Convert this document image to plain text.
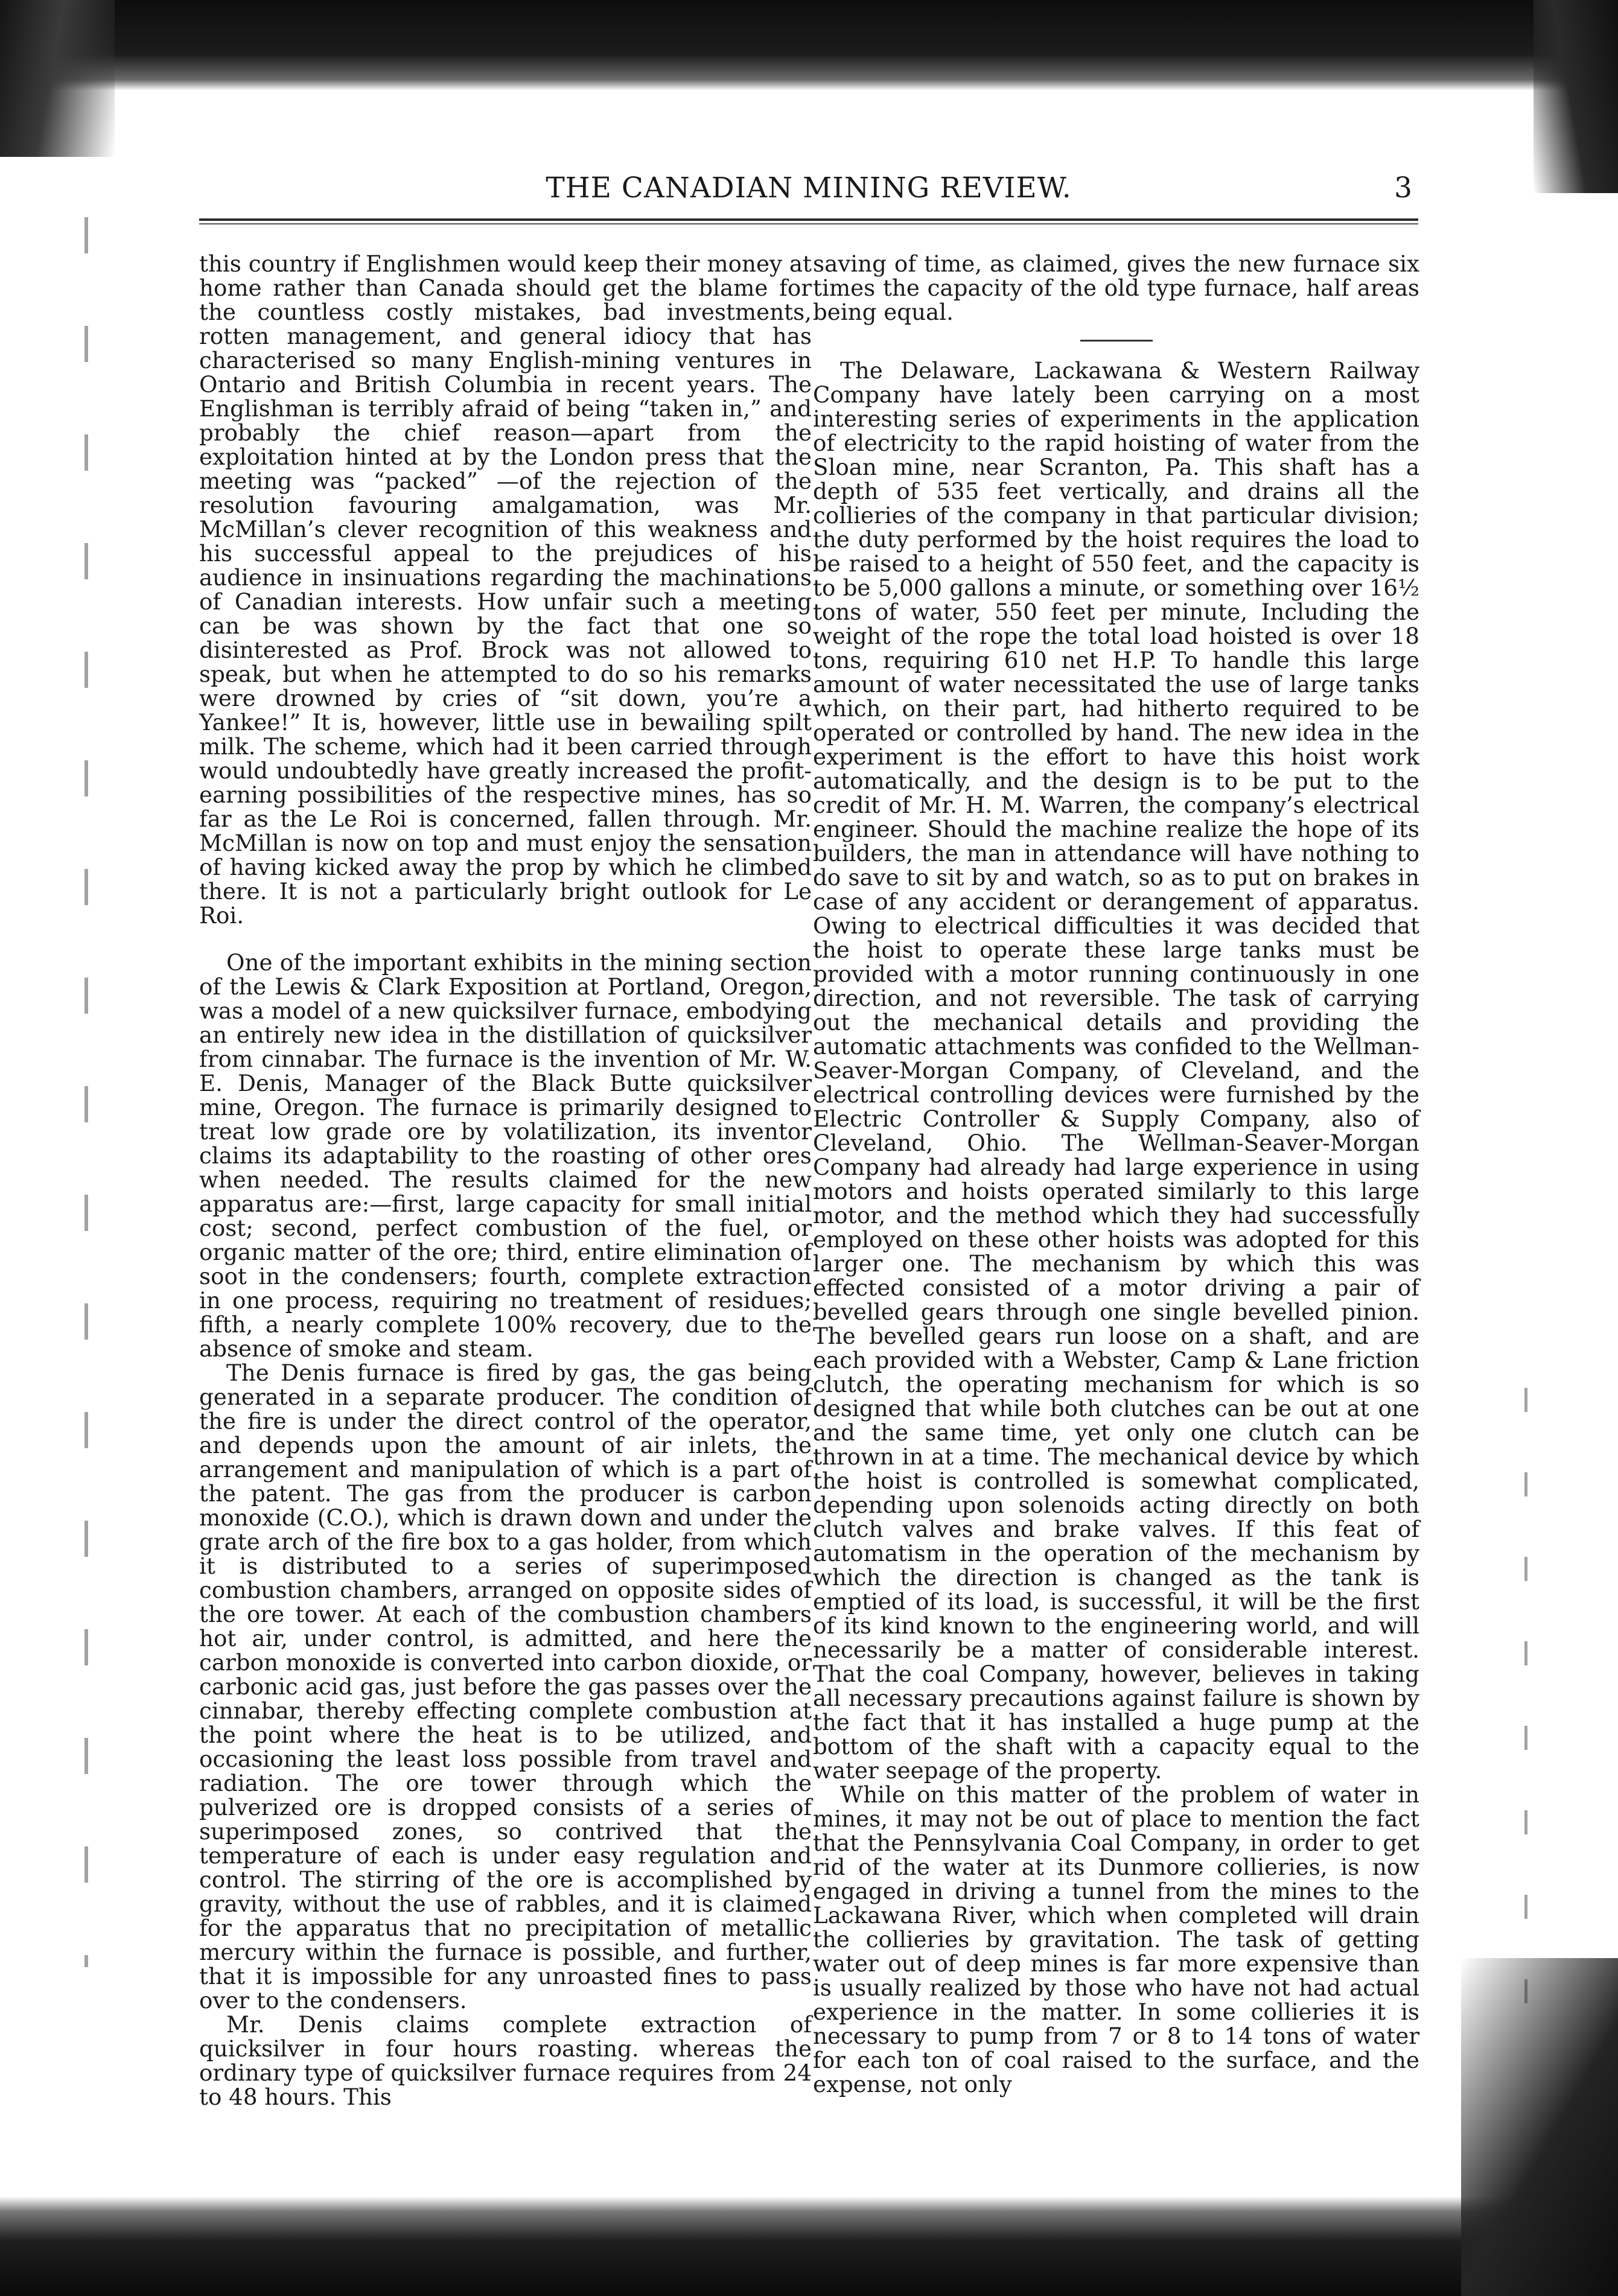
THE CANADIAN MINING REVIEW.	3

this country if Englishmen would keep their money at home rather than Canada should get the blame for the countless costly mistakes, bad investments, rotten management, and general idiocy that has characterised so many English-mining ventures in Ontario and British Columbia in recent years. The Englishman is terribly afraid of being “taken in,” and probably the chief reason—apart from the exploitation hinted at by the London press that the meeting was “packed” —of the rejection of the resolution favouring amalgamation, was Mr. McMillan’s clever recognition of this weakness and his successful appeal to the prejudices of his audience in insinuations regarding the machinations of Canadian interests. How unfair such a meeting can be was shown by the fact that one so disinterested as Prof. Brock was not allowed to speak, but when he attempted to do so his remarks were drowned by cries of “sit down, you’re a Yankee!” It is, however, little use in bewailing spilt milk. The scheme, which had it been carried through would undoubtedly have greatly increased the profit-earning possibilities of the respective mines, has so far as the Le Roi is concerned, fallen through. Mr. McMillan is now on top and must enjoy the sensation of having kicked away the prop by which he climbed there. It is not a particularly bright outlook for Le Roi.

One of the important exhibits in the mining section of the Lewis & Clark Exposition at Portland, Oregon, was a model of a new quicksilver furnace, embodying an entirely new idea in the distillation of quicksilver from cinnabar. The furnace is the invention of Mr. W. E. Denis, Manager of the Black Butte quicksilver mine, Oregon. The furnace is primarily designed to treat low grade ore by volatilization, its inventor claims its adaptability to the roasting of other ores when needed. The results claimed for the new apparatus are:—first, large capacity for small initial cost; second, perfect combustion of the fuel, or organic matter of the ore; third, entire elimination of soot in the condensers; fourth, complete extraction in one process, requiring no treatment of residues; fifth, a nearly complete 100% recovery, due to the absence of smoke and steam.

The Denis furnace is fired by gas, the gas being generated in a separate producer. The condition of the fire is under the direct control of the operator, and depends upon the amount of air inlets, the arrangement and manipulation of which is a part of the patent. The gas from the producer is carbon monoxide (C.O.), which is drawn down and under the grate arch of the fire box to a gas holder, from which it is distributed to a series of superimposed combustion chambers, arranged on opposite sides of the ore tower. At each of the combustion chambers hot air, under control, is admitted, and here the carbon monoxide is converted into carbon dioxide, or carbonic acid gas, just before the gas passes over the cinnabar, thereby effecting complete combustion at the point where the heat is to be utilized, and occasioning the least loss possible from travel and radiation. The ore tower through which the pulverized ore is dropped consists of a series of superimposed zones, so contrived that the temperature of each is under easy regulation and control. The stirring of the ore is accomplished by gravity, without the use of rabbles, and it is claimed for the apparatus that no precipitation of metallic mercury within the furnace is possible, and further, that it is impossible for any unroasted fines to pass over to the condensers.

Mr. Denis claims complete extraction of quicksilver in four hours roasting. whereas the ordinary type of quicksilver furnace requires from 24 to 48 hours. This

saving of time, as claimed, gives the new furnace six times the capacity of the old type furnace, half areas being equal.

The Delaware, Lackawana & Western Railway Company have lately been carrying on a most interesting series of experiments in the application of electricity to the rapid hoisting of water from the Sloan mine, near Scranton, Pa. This shaft has a depth of 535 feet vertically, and drains all the collieries of the company in that particular division; the duty performed by the hoist requires the load to be raised to a height of 550 feet, and the capacity is to be 5,000 gallons a minute, or something over 16½ tons of water, 550 feet per minute, Including the weight of the rope the total load hoisted is over 18 tons, requiring 610 net H.P. To handle this large amount of water necessitated the use of large tanks which, on their part, had hitherto required to be operated or controlled by hand. The new idea in the experiment is the effort to have this hoist work automatically, and the design is to be put to the credit of Mr. H. M. Warren, the company’s electrical engineer. Should the machine realize the hope of its builders, the man in attendance will have nothing to do save to sit by and watch, so as to put on brakes in case of any accident or derangement of apparatus. Owing to electrical difficulties it was decided that the hoist to operate these large tanks must be provided with a motor running continuously in one direction, and not reversible. The task of carrying out the mechanical details and providing the automatic attachments was confided to the Wellman-Seaver-Morgan Company, of Cleveland, and the electrical controlling devices were furnished by the Electric Controller & Supply Company, also of Cleveland, Ohio. The Wellman-Seaver-Morgan Company had already had large experience in using motors and hoists operated similarly to this large motor, and the method which they had successfully employed on these other hoists was adopted for this larger one. The mechanism by which this was effected consisted of a motor driving a pair of bevelled gears through one single bevelled pinion. The bevelled gears run loose on a shaft, and are each provided with a Webster, Camp & Lane friction clutch, the operating mechanism for which is so designed that while both clutches can be out at one and the same time, yet only one clutch can be thrown in at a time. The mechanical device by which the hoist is controlled is somewhat complicated, depending upon solenoids acting directly on both clutch valves and brake valves. If this feat of automatism in the operation of the mechanism by which the direction is changed as the tank is emptied of its load, is successful, it will be the first of its kind known to the engineering world, and will necessarily be a matter of considerable interest. That the coal Company, however, believes in taking all necessary precautions against failure is shown by the fact that it has installed a huge pump at the bottom of the shaft with a capacity equal to the water seepage of the property.

While on this matter of the problem of water in mines, it may not be out of place to mention the fact that the Pennsylvania Coal Company, in order to get rid of the water at its Dunmore collieries, is now engaged in driving a tunnel from the mines to the Lackawana River, which when completed will drain the collieries by gravitation. The task of getting water out of deep mines is far more expensive than is usually realized by those who have not had actual experience in the matter. In some collieries it is necessary to pump from 7 or 8 to 14 tons of water for each ton of coal raised to the surface, and the expense, not only
